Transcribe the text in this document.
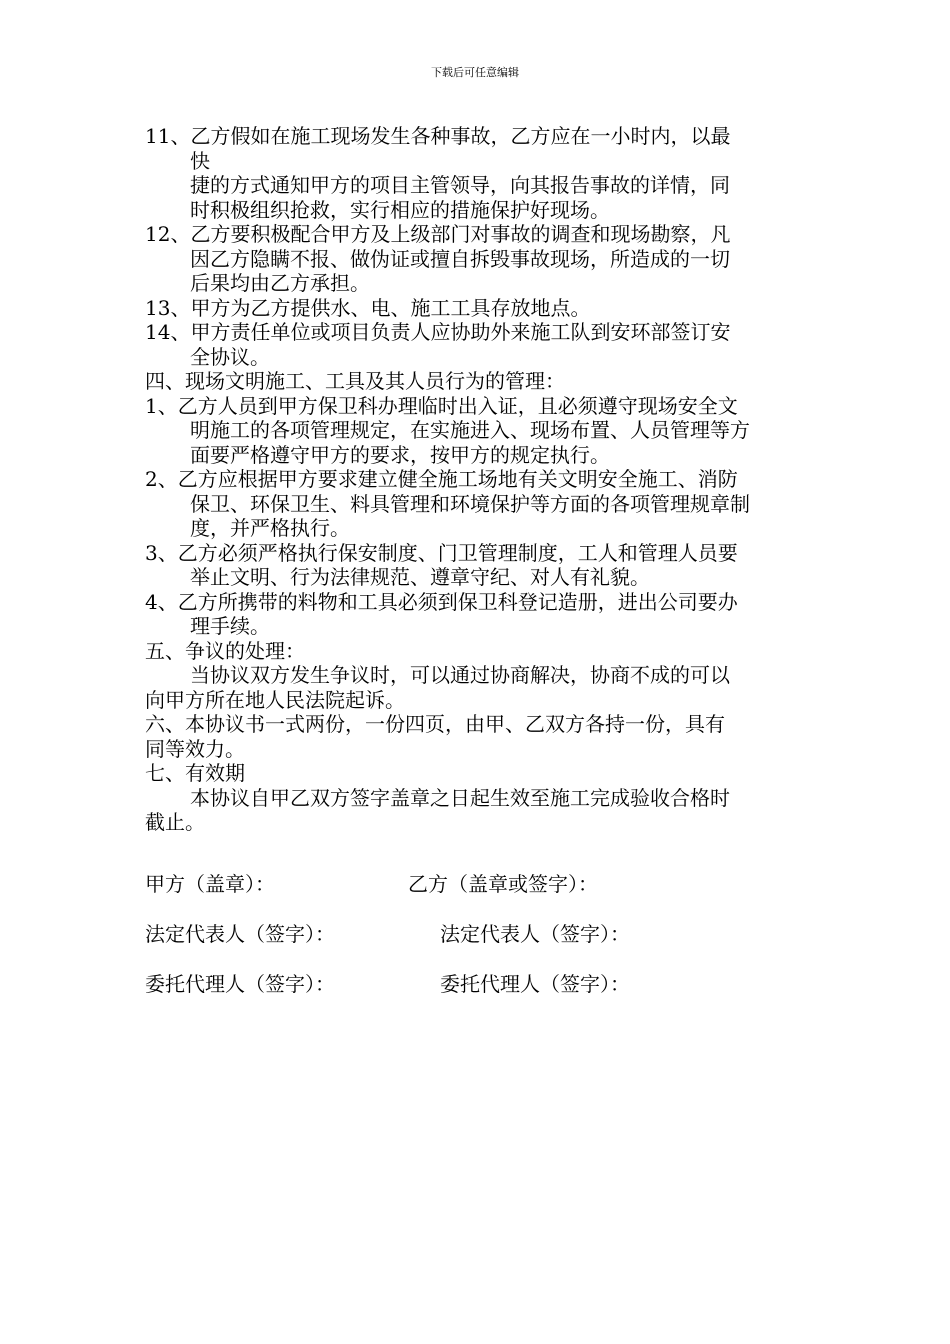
下载后可任意编辑
11、乙方假如在施工现场发生各种事故，乙方应在一小时内，以最
快
捷的方式通知甲方的项目主管领导，向其报告事故的详情，同
时积极组织抢救，实行相应的措施保护好现场。
12、乙方要积极配合甲方及上级部门对事故的调查和现场勘察，凡
因乙方隐瞒不报、做伪证或擅自拆毁事故现场，所造成的一切
后果均由乙方承担。
13、甲方为乙方提供水、电、施工工具存放地点。
14、甲方责任单位或项目负责人应协助外来施工队到安环部签订安
全协议。
四、现场文明施工、工具及其人员行为的管理：
1、乙方人员到甲方保卫科办理临时出入证，且必须遵守现场安全文
明施工的各项管理规定，在实施进入、现场布置、人员管理等方
面要严格遵守甲方的要求，按甲方的规定执行。
2、乙方应根据甲方要求建立健全施工场地有关文明安全施工、消防
保卫、环保卫生、料具管理和环境保护等方面的各项管理规章制
度，并严格执行。
3、乙方必须严格执行保安制度、门卫管理制度，工人和管理人员要
举止文明、行为法律规范、遵章守纪、对人有礼貌。
4、乙方所携带的料物和工具必须到保卫科登记造册，进出公司要办
理手续。
五、争议的处理：
当协议双方发生争议时，可以通过协商解决，协商不成的可以
向甲方所在地人民法院起诉。
六、本协议书一式两份，一份四页，由甲、乙双方各持一份，具有
同等效力。
七、有效期
本协议自甲乙双方签字盖章之日起生效至施工完成验收合格时
截止。
甲方（盖章）：	乙方（盖章或签字）：
法定代表人（签字）：	法定代表人（签字）：
委托代理人（签字）：	委托代理人（签字）：
